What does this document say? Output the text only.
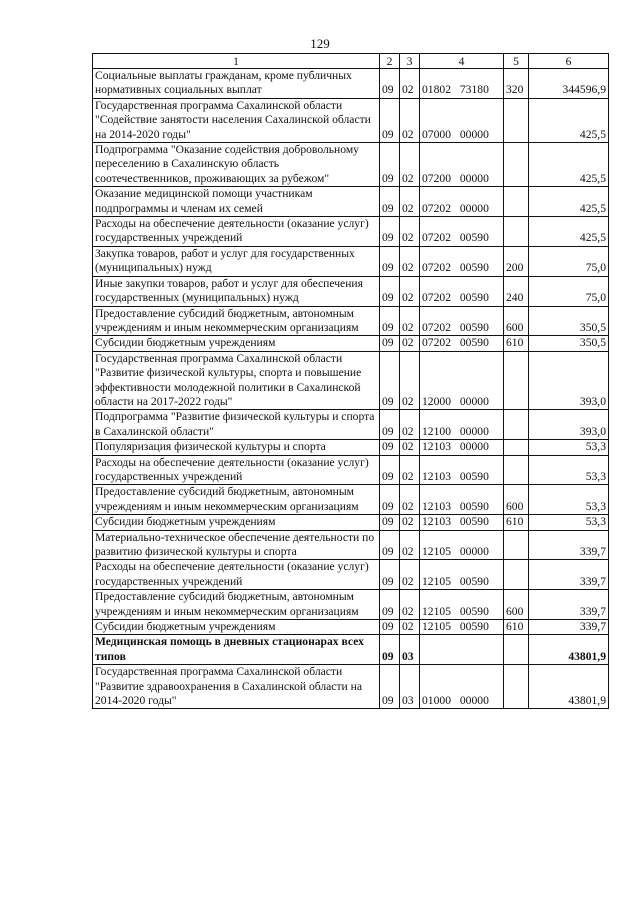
129
1	2	3	4	5	6
Социальные выплаты гражданам, кроме публичных нормативных социальных выплат	09	02	01802 73180	320	344596,9
Государственная программа Сахалинской области "Содействие занятости населения Сахалинской области на 2014-2020 годы"	09	02	07000 00000		425,5
Подпрограмма "Оказание содействия добровольному переселению в Сахалинскую область соотечественников, проживающих за рубежом"	09	02	07200 00000		425,5
Оказание медицинской помощи участникам подпрограммы и членам их семей	09	02	07202 00000		425,5
Расходы на обеспечение деятельности (оказание услуг) государственных учреждений	09	02	07202 00590		425,5
Закупка товаров, работ и услуг для государственных (муниципальных) нужд	09	02	07202 00590	200	75,0
Иные закупки товаров, работ и услуг для обеспечения государственных (муниципальных) нужд	09	02	07202 00590	240	75,0
Предоставление субсидий бюджетным, автономным учреждениям и иным некоммерческим организациям	09	02	07202 00590	600	350,5
Субсидии бюджетным учреждениям	09	02	07202 00590	610	350,5
Государственная программа Сахалинской области "Развитие физической культуры, спорта и повышение эффективности молодежной политики в Сахалинской области на 2017-2022 годы"	09	02	12000 00000		393,0
Подпрограмма "Развитие физической культуры и спорта в Сахалинской области"	09	02	12100 00000		393,0
Популяризация физической культуры и спорта	09	02	12103 00000		53,3
Расходы на обеспечение деятельности (оказание услуг) государственных учреждений	09	02	12103 00590		53,3
Предоставление субсидий бюджетным, автономным учреждениям и иным некоммерческим организациям	09	02	12103 00590	600	53,3
Субсидии бюджетным учреждениям	09	02	12103 00590	610	53,3
Материально-техническое обеспечение деятельности по развитию физической культуры и спорта	09	02	12105 00000		339,7
Расходы на обеспечение деятельности (оказание услуг) государственных учреждений	09	02	12105 00590		339,7
Предоставление субсидий бюджетным, автономным учреждениям и иным некоммерческим организациям	09	02	12105 00590	600	339,7
Субсидии бюджетным учреждениям	09	02	12105 00590	610	339,7
Медицинская помощь в дневных стационарах всех типов	09	03			43801,9
Государственная программа Сахалинской области "Развитие здравоохранения в Сахалинской области на 2014-2020 годы"	09	03	01000 00000		43801,9
